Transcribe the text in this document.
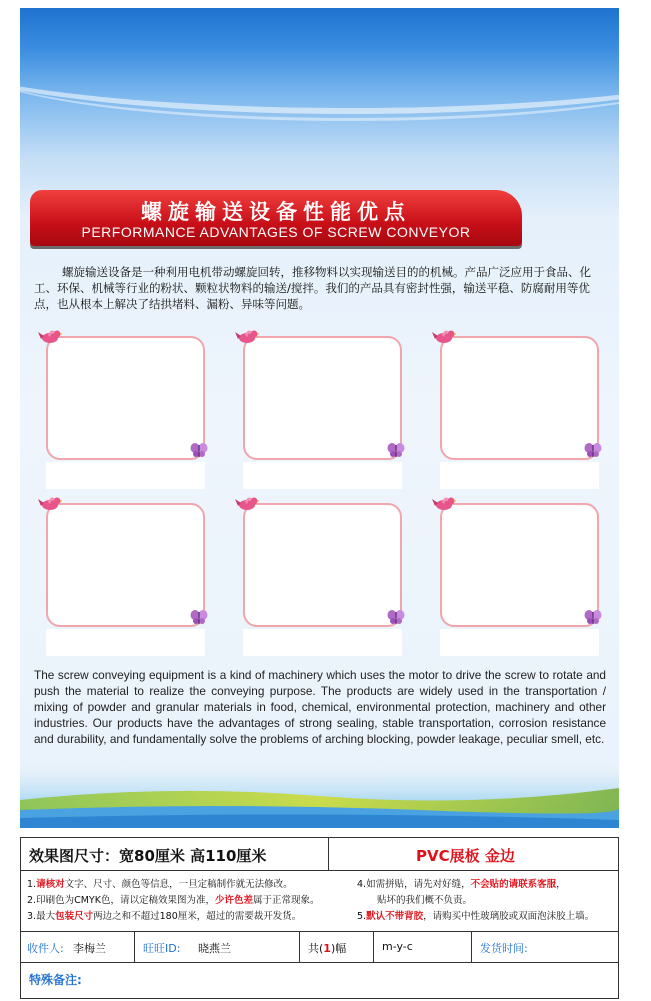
螺旋输送设备性能优点
PERFORMANCE ADVANTAGES OF SCREW CONVEYOR
螺旋输送设备是一种利用电机带动螺旋回转，推移物料以实现输送目的的机械。产品广泛应用于食品、化工、环保、机械等行业的粉状、颗粒状物料的输送/搅拌。我们的产品具有密封性强，输送平稳、防腐耐用等优点，也从根本上解决了结拱堵料、漏粉、异味等问题。
The screw conveying equipment is a kind of machinery which uses the motor to drive the screw to rotate and push the material to realize the conveying purpose. The products are widely used in the transportation / mixing of powder and granular materials in food, chemical, environmental protection, machinery and other industries. Our products have the advantages of strong sealing, stable transportation, corrosion resistance and durability, and fundamentally solve the problems of arching blocking, powder leakage, peculiar smell, etc.
效果图尺寸：宽80厘米 高110厘米	PVC展板 金边
1.请核对文字、尺寸、颜色等信息，一旦定稿制作就无法修改。
2.印刷色为CMYK色，请以定稿效果图为准，少许色差属于正常现象。
3.最大包装尺寸两边之和不超过180厘米，超过的需要裁开发货。
4.如需拼贴，请先对好缝，不会贴的请联系客服，
贴坏的我们概不负责。
5.默认不带背胶，请购买中性玻璃胶或双面泡沫胶上墙。
收件人: 李梅兰	旺旺ID: 晓燕兰	共(1)幅	m-y-c	发货时间:
特殊备注:
